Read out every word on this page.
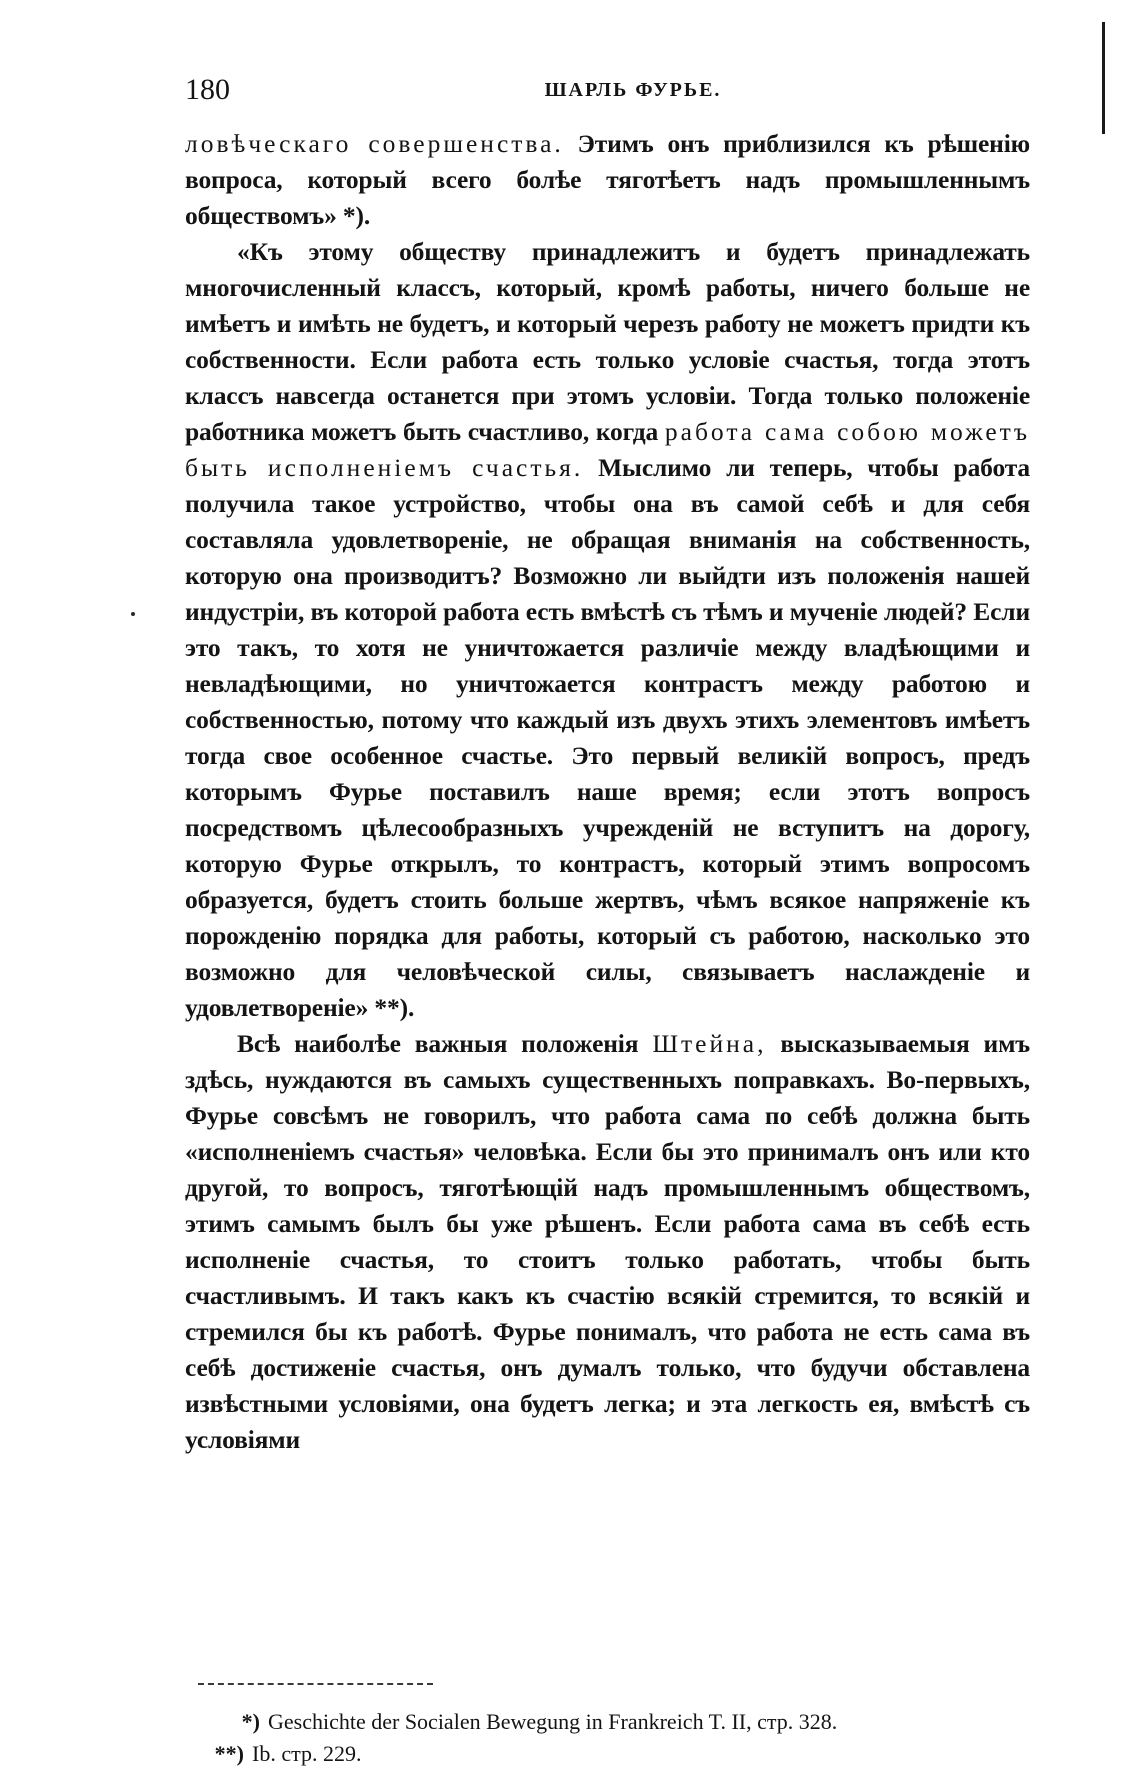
180	ШАРЛЬ ФУРЬЕ.

ловѣческаго совершенства. Этимъ онъ приблизился къ рѣшенію вопроса, который всего болѣе тяготѣетъ надъ промышленнымъ обществомъ» *).

«Къ этому обществу принадлежитъ и будетъ принадлежать многочисленный классъ, который, кромѣ работы, ничего больше не имѣетъ и имѣть не будетъ, и который черезъ работу не можетъ придти къ собственности. Если работа есть только условіе счастья, тогда этотъ классъ навсегда останется при этомъ условіи. Тогда только положеніе работника можетъ быть счастливо, когда работа сама собою можетъ быть исполненіемъ счастья. Мыслимо ли теперь, чтобы работа получила такое устройство, чтобы она въ самой себѣ и для себя составляла удовлетвореніе, не обращая вниманія на собственность, которую она производитъ? Возможно ли выйдти изъ положенія нашей индустріи, въ которой работа есть вмѣстѣ съ тѣмъ и мученіе людей? Если это такъ, то хотя не уничтожается различіе между владѣющими и невладѣющими, но уничтожается контрастъ между работою и собственностью, потому что каждый изъ двухъ этихъ элементовъ имѣетъ тогда свое особенное счастье. Это первый великій вопросъ, предъ которымъ Фурье поставилъ наше время; если этотъ вопросъ посредствомъ цѣлесообразныхъ учрежденій не вступитъ на дорогу, которую Фурье открылъ, то контрастъ, который этимъ вопросомъ образуется, будетъ стоить больше жертвъ, чѣмъ всякое напряженіе къ порожденію порядка для работы, который съ работою, насколько это возможно для человѣческой силы, связываетъ наслажденіе и удовлетвореніе» **).

Всѣ наиболѣе важныя положенія Штейна, высказываемыя имъ здѣсь, нуждаются въ самыхъ существенныхъ поправкахъ. Во-первыхъ, Фурье совсѣмъ не говорилъ, что работа сама по себѣ должна быть «исполненіемъ счастья» человѣка. Если бы это принималъ онъ или кто другой, то вопросъ, тяготѣющій надъ промышленнымъ обществомъ, этимъ самымъ былъ бы уже рѣшенъ. Если работа сама въ себѣ есть исполненіе счастья, то стоитъ только работать, чтобы быть счастливымъ. И такъ какъ къ счастію всякій стремится, то всякій и стремился бы къ работѣ. Фурье понималъ, что работа не есть сама въ себѣ достиженіе счастья, онъ думалъ только, что будучи обставлена извѣстными условіями, она будетъ легка; и эта легкость ея, вмѣстѣ съ условіями

*) Geschichte der Socialen Bewegung in Frankreich T. II, стр. 328.

**) Ib. стр. 229.
